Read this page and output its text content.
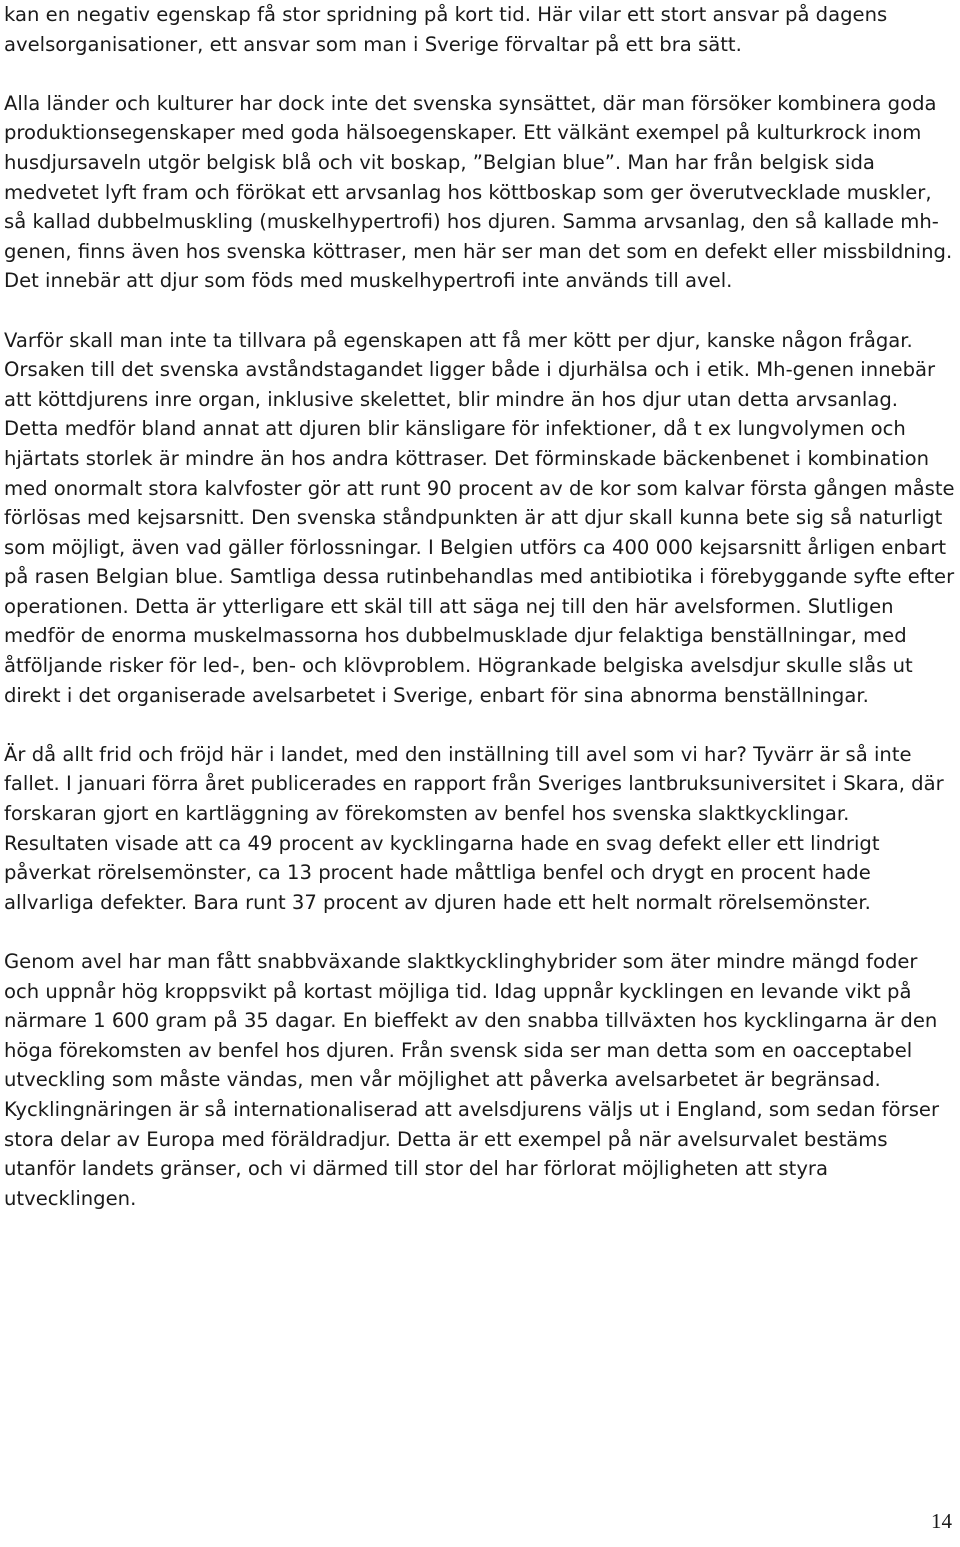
kan en negativ egenskap få stor spridning på kort tid. Här vilar ett stort ansvar på dagens avelsorganisationer, ett ansvar som man i Sverige förvaltar på ett bra sätt.

Alla länder och kulturer har dock inte det svenska synsättet, där man försöker kombinera goda produktionsegenskaper med goda hälsoegenskaper. Ett välkänt exempel på kulturkrock inom husdjursaveln utgör belgisk blå och vit boskap, ”Belgian blue”. Man har från belgisk sida medvetet lyft fram och förökat ett arvsanlag hos köttboskap som ger överutvecklade muskler, så kallad dubbelmuskling (muskelhypertrofi) hos djuren. Samma arvsanlag, den så kallade mh-genen, finns även hos svenska köttraser, men här ser man det som en defekt eller missbildning. Det innebär att djur som föds med muskelhypertrofi inte används till avel.

Varför skall man inte ta tillvara på egenskapen att få mer kött per djur, kanske någon frågar. Orsaken till det svenska avståndstagandet ligger både i djurhälsa och i etik. Mh-genen innebär att köttdjurens inre organ, inklusive skelettet, blir mindre än hos djur utan detta arvsanlag. Detta medför bland annat att djuren blir känsligare för infektioner, då t ex lungvolymen och hjärtats storlek är mindre än hos andra köttraser. Det förminskade bäckenbenet i kombination med onormalt stora kalvfoster gör att runt 90 procent av de kor som kalvar första gången måste förlösas med kejsarsnitt. Den svenska ståndpunkten är att djur skall kunna bete sig så naturligt som möjligt, även vad gäller förlossningar. I Belgien utförs ca 400 000 kejsarsnitt årligen enbart på rasen Belgian blue. Samtliga dessa rutinbehandlas med antibiotika i förebyggande syfte efter operationen. Detta är ytterligare ett skäl till att säga nej till den här avelsformen. Slutligen medför de enorma muskelmassorna hos dubbelmusklade djur felaktiga benställningar, med åtföljande risker för led-, ben- och klövproblem. Högrankade belgiska avelsdjur skulle slås ut direkt i det organiserade avelsarbetet i Sverige, enbart för sina abnorma benställningar.

Är då allt frid och fröjd här i landet, med den inställning till avel som vi har? Tyvärr är så inte fallet. I januari förra året publicerades en rapport från Sveriges lantbruksuniversitet i Skara, där forskaran gjort en kartläggning av förekomsten av benfel hos svenska slaktkycklingar. Resultaten visade att ca 49 procent av kycklingarna hade en svag defekt eller ett lindrigt påverkat rörelsemönster, ca 13 procent hade måttliga benfel och drygt en procent hade allvarliga defekter. Bara runt 37 procent av djuren hade ett helt normalt rörelsemönster.

Genom avel har man fått snabbväxande slaktkycklinghybrider som äter mindre mängd foder och uppnår hög kroppsvikt på kortast möjliga tid. Idag uppnår kycklingen en levande vikt på närmare 1 600 gram på 35 dagar. En bieffekt av den snabba tillväxten hos kycklingarna är den höga förekomsten av benfel hos djuren. Från svensk sida ser man detta som en oacceptabel utveckling som måste vändas, men vår möjlighet att påverka avelsarbetet är begränsad. Kycklingnäringen är så internationaliserad att avelsdjurens väljs ut i England, som sedan förser stora delar av Europa med föräldradjur. Detta är ett exempel på när avelsurvalet bestäms utanför landets gränser, och vi därmed till stor del har förlorat möjligheten att styra utvecklingen.

14
